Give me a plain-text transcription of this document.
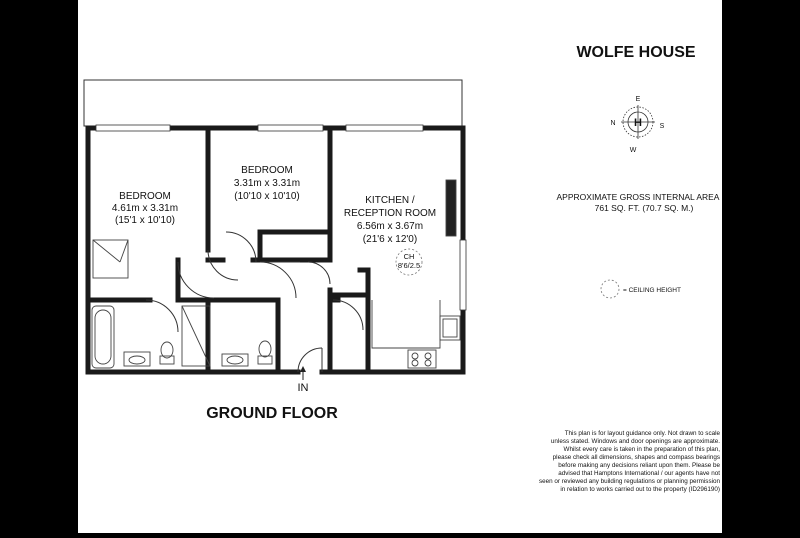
BEDROOM
4.61m x 3.31m
(15'1 x 10'10)
BEDROOM
3.31m x 3.31m
(10'10 x 10'10)	KITCHEN /
RECEPTION ROOM
6.56m x 3.67m
(21'6 x 12'0)
CH
8'6/2.5
IN
GROUND FLOOR
WOLFE HOUSE
H
E
N	S
W
APPROXIMATE GROSS INTERNAL AREA
761 SQ. FT. (70.7 SQ. M.)
= CEILING HEIGHT
This plan is for layout guidance only. Not drawn to scale
unless stated. Windows and door openings are approximate.
Whilst every care is taken in the preparation of this plan,
please check all dimensions, shapes and compass bearings
before making any decisions reliant upon them. Please be
advised that Hamptons International / our agents have not
seen or reviewed any building regulations or planning permission
in relation to works carried out to the property (ID296190)
